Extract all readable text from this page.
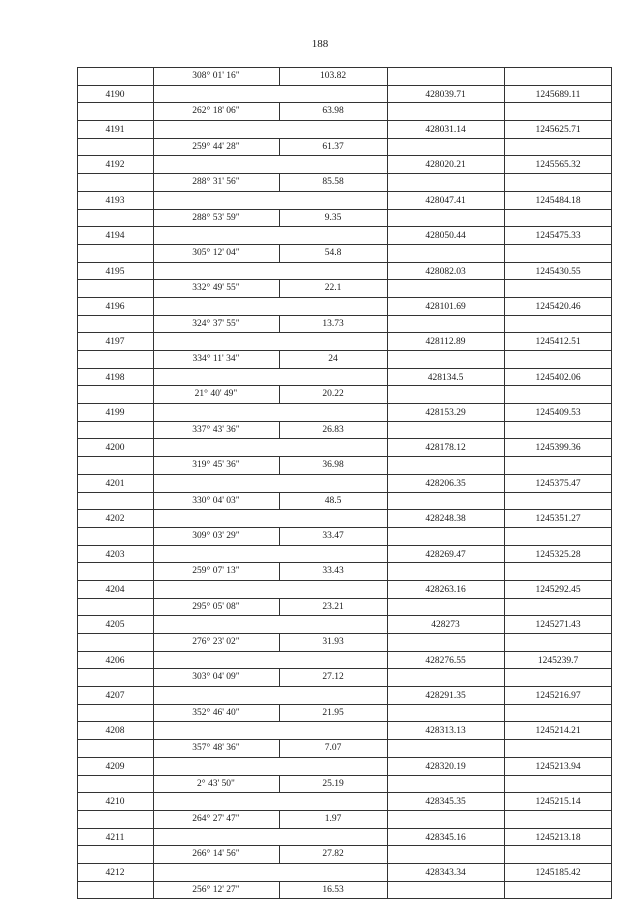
188
308° 01' 16"	103.82
4190	428039.71	1245689.11
262° 18' 06"	63.98
4191	428031.14	1245625.71
259° 44' 28"	61.37
4192	428020.21	1245565.32
288° 31' 56"	85.58
4193	428047.41	1245484.18
288° 53' 59"	9.35
4194	428050.44	1245475.33
305° 12' 04"	54.8
4195	428082.03	1245430.55
332° 49' 55"	22.1
4196	428101.69	1245420.46
324° 37' 55"	13.73
4197	428112.89	1245412.51
334° 11' 34"	24
4198	428134.5	1245402.06
21° 40' 49"	20.22
4199	428153.29	1245409.53
337° 43' 36"	26.83
4200	428178.12	1245399.36
319° 45' 36"	36.98
4201	428206.35	1245375.47
330° 04' 03"	48.5
4202	428248.38	1245351.27
309° 03' 29"	33.47
4203	428269.47	1245325.28
259° 07' 13"	33.43
4204	428263.16	1245292.45
295° 05' 08"	23.21
4205	428273	1245271.43
276° 23' 02"	31.93
4206	428276.55	1245239.7
303° 04' 09"	27.12
4207	428291.35	1245216.97
352° 46' 40"	21.95
4208	428313.13	1245214.21
357° 48' 36"	7.07
4209	428320.19	1245213.94
2° 43' 50"	25.19
4210	428345.35	1245215.14
264° 27' 47"	1.97
4211	428345.16	1245213.18
266° 14' 56"	27.82
4212	428343.34	1245185.42
256° 12' 27"	16.53
